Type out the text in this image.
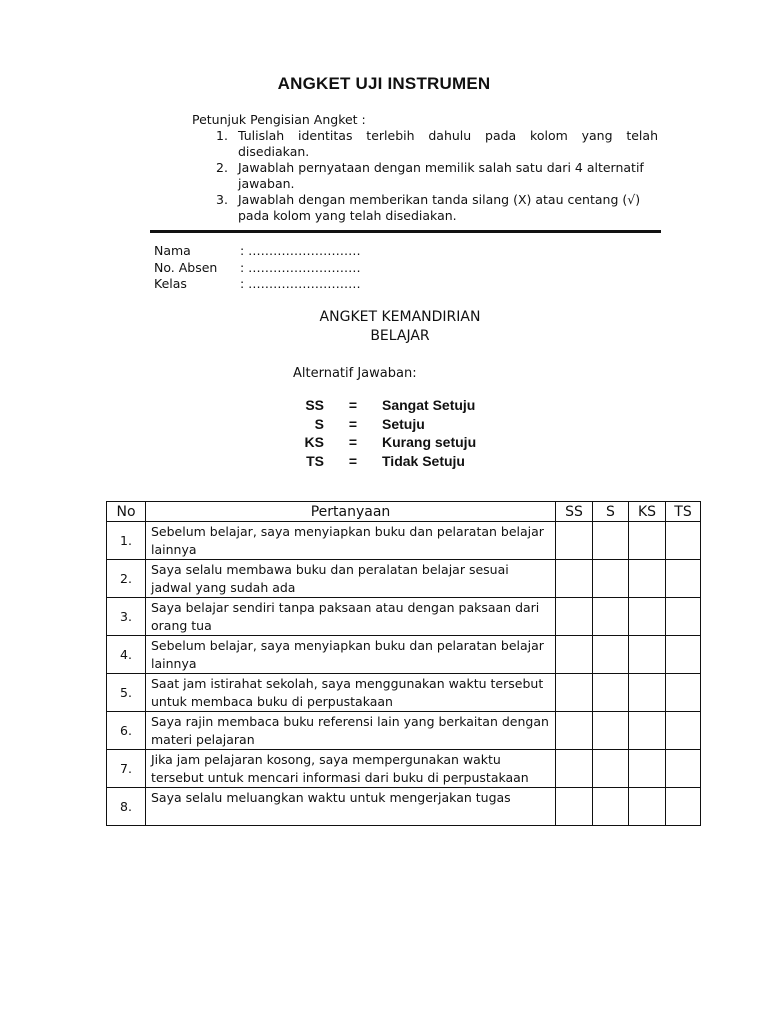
ANGKET UJI INSTRUMEN
Petunjuk Pengisian Angket :
1. Tulislah identitas terlebih dahulu pada kolom yang telah
disediakan.
2. Jawablah pernyataan dengan memilik salah satu dari 4 alternatif
jawaban.
3. Jawablah dengan memberikan tanda silang (X) atau centang (√)
pada kolom yang telah disediakan.
Nama	: ………………………
No. Absen	: ………………………
Kelas	: ………………………
ANGKET KEMANDIRIAN
BELAJAR
Alternatif Jawaban:
SS	=	Sangat Setuju
S	=	Setuju
KS	=	Kurang setuju
TS	=	Tidak Setuju
No	Pertanyaan	SS	S	KS	TS
1.	Sebelum belajar, saya menyiapkan buku dan pelaratan belajar lainnya				
2.	Saya selalu membawa buku dan peralatan belajar sesuai jadwal yang sudah ada				
3.	Saya belajar sendiri tanpa paksaan atau dengan paksaan dari orang tua				
4.	Sebelum belajar, saya menyiapkan buku dan pelaratan belajar lainnya				
5.	Saat jam istirahat sekolah, saya menggunakan waktu tersebut untuk membaca buku di perpustakaan				
6.	Saya rajin membaca buku referensi lain yang berkaitan dengan materi pelajaran				
7.	Jika jam pelajaran kosong, saya mempergunakan waktu tersebut untuk mencari informasi dari buku di perpustakaan				
8.	Saya selalu meluangkan waktu untuk mengerjakan tugas				
